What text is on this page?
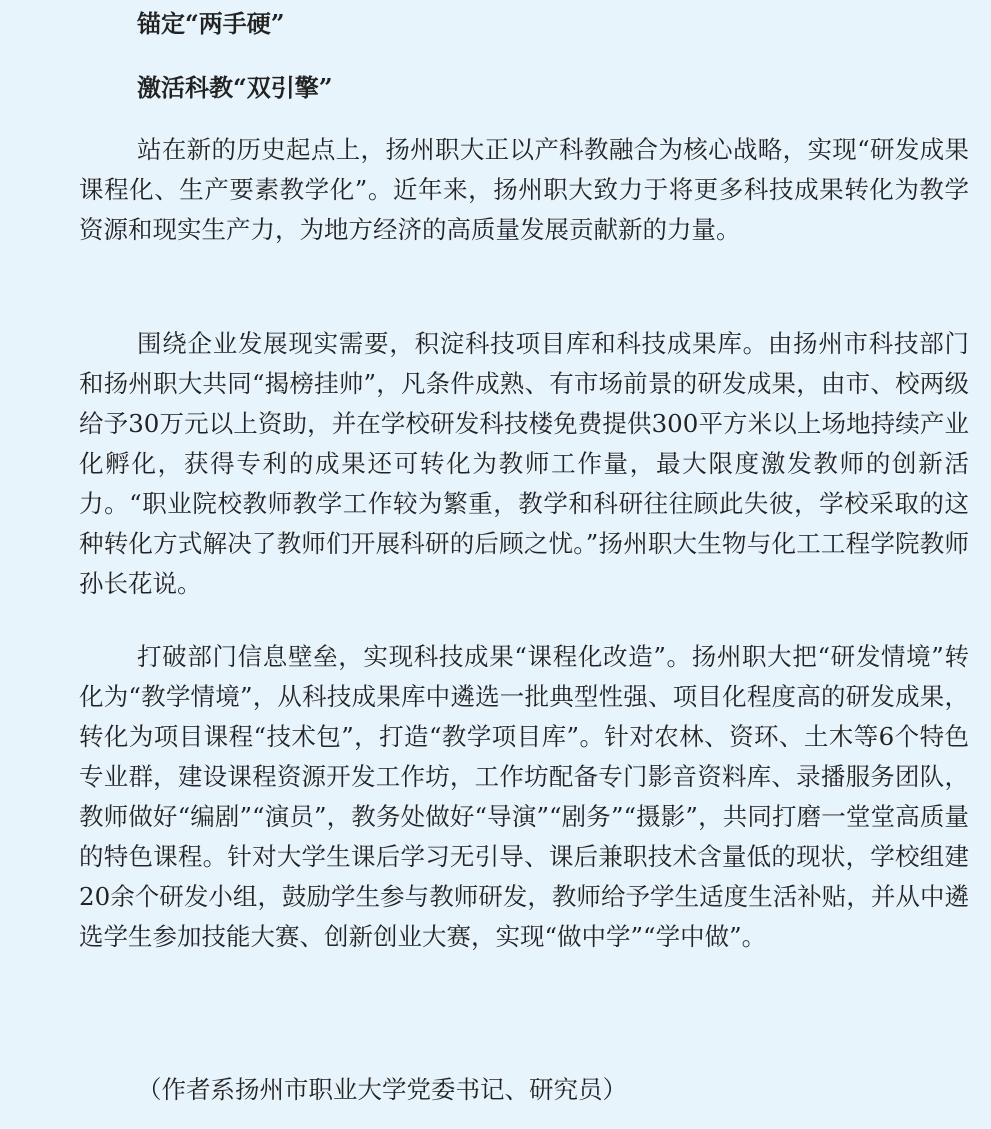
锚定“两手硬”
激活科教“双引擎”

站在新的历史起点上，扬州职大正以产科教融合为核心战略，实现“研发成果课程化、生产要素教学化”。近年来，扬州职大致力于将更多科技成果转化为教学资源和现实生产力，为地方经济的高质量发展贡献新的力量。

围绕企业发展现实需要，积淀科技项目库和科技成果库。由扬州市科技部门和扬州职大共同“揭榜挂帅”，凡条件成熟、有市场前景的研发成果，由市、校两级给予30万元以上资助，并在学校研发科技楼免费提供300平方米以上场地持续产业化孵化，获得专利的成果还可转化为教师工作量，最大限度激发教师的创新活力。“职业院校教师教学工作较为繁重，教学和科研往往顾此失彼，学校采取的这种转化方式解决了教师们开展科研的后顾之忧。”扬州职大生物与化工工程学院教师孙长花说。

打破部门信息壁垒，实现科技成果“课程化改造”。扬州职大把“研发情境”转化为“教学情境”，从科技成果库中遴选一批典型性强、项目化程度高的研发成果，转化为项目课程“技术包”，打造“教学项目库”。针对农林、资环、土木等6个特色专业群，建设课程资源开发工作坊，工作坊配备专门影音资料库、录播服务团队，教师做好“编剧”“演员”，教务处做好“导演”“剧务”“摄影”，共同打磨一堂堂高质量的特色课程。针对大学生课后学习无引导、课后兼职技术含量低的现状，学校组建20余个研发小组，鼓励学生参与教师研发，教师给予学生适度生活补贴，并从中遴选学生参加技能大赛、创新创业大赛，实现“做中学”“学中做”。

（作者系扬州市职业大学党委书记、研究员）
